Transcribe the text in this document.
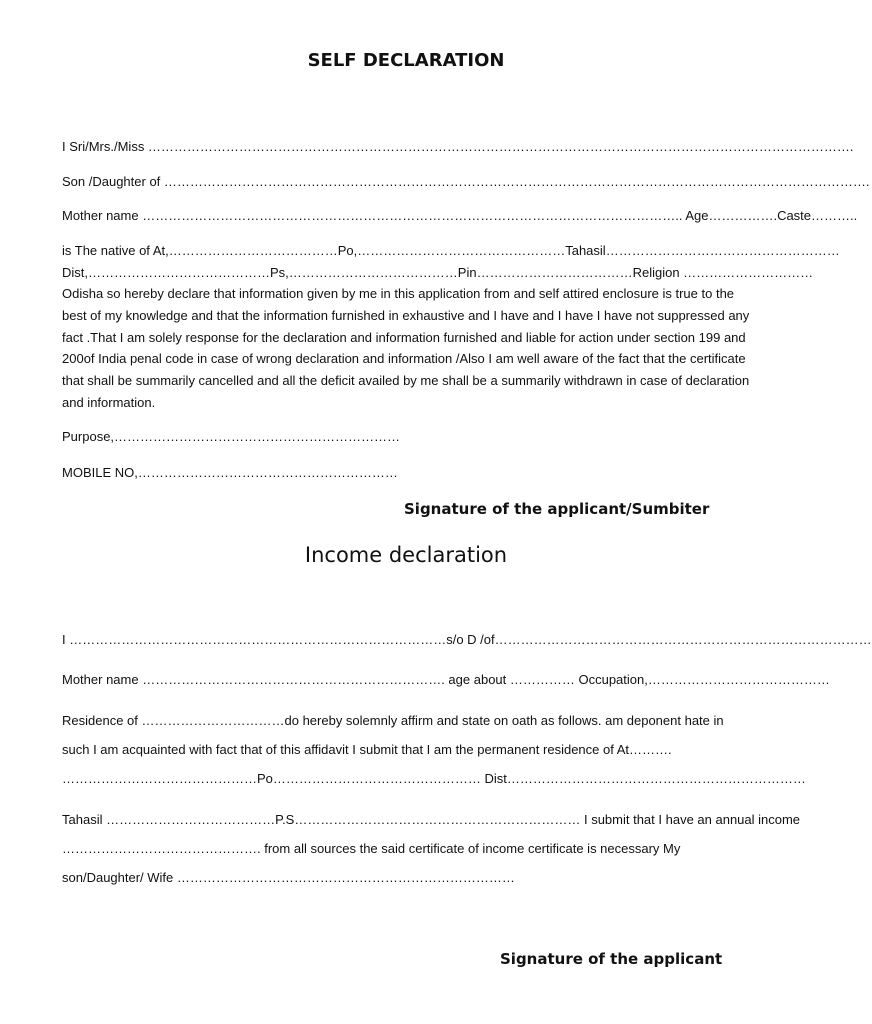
SELF DECLARATION
I Sri/Mrs./Miss ……………………………………………………………………………………………………………………………………………….
Son /Daughter of ……………………………………………………………………………………………………………………………………………….
Mother name …………………………………………………………………………………………………………….. Age…………….Caste………..
is The native of At,…………………………………Po,…………………………………………Tahasil………………………………………………
Dist,……………………………………Ps,…………………………………Pin………………………………Religion …………………………
Odisha so hereby declare that information given by me in this application from and self attired enclosure is true to the best of my knowledge and that the information furnished in exhaustive and I have and I have I have not suppressed any fact .That I am solely response for the declaration and information furnished and liable for action under section 199 and 200of India penal code in case of wrong declaration and information /Also I am well aware of the fact that the certificate that shall be summarily cancelled and all the deficit availed by me shall be a summarily withdrawn in case of declaration and information.
Purpose,…………………………………………………………
MOBILE NO,……………………………………………………
Signature of the applicant/Sumbiter
Income declaration
I ……………………………………………………………………………s/o D /of……………………………………………………………………………
Mother name ……………………………………………………………. age about …………… Occupation,……………………………………
Residence of ……………………………do hereby solemnly affirm and state on oath as follows. am deponent hate in
such I am acquainted with fact that of this affidavit I submit that I am the permanent residence of At……….
………………………………………Po………………………………………… Dist……………………………………………………………
Tahasil …………………………………P.S………………………………………………………… I submit that I have an annual income
………………………………………. from all sources the said certificate of income certificate is necessary My
son/Daughter/ Wife ……………………………………………………………………
Signature of the applicant
